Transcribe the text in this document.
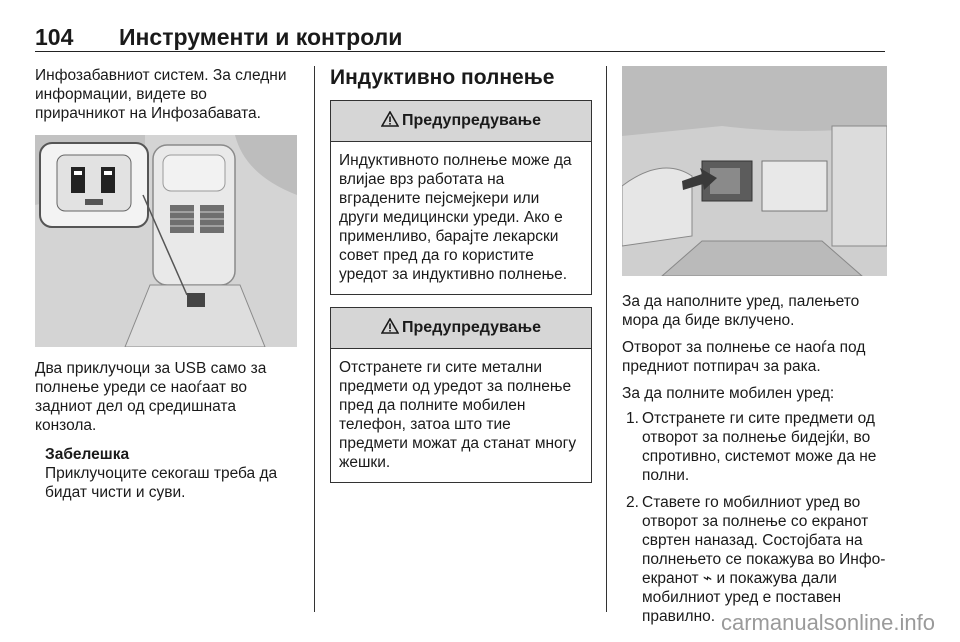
104 Инструменти и контроли

Инфозабавниот систем. За следни информации, видете во прирачникот на Инфозабавата.

Два приклучоци за USB само за полнење уреди се наоѓаат во задниот дел од средишната конзола.

Забелешка

Приклучоците секогаш треба да бидат чисти и суви.

Индуктивно полнење
Предупредување
Индуктивното полнење може да влијае врз работата на вградените пејсмејкери или други медицински уреди. Ако е применливо, барајте лекарски совет пред да го користите уредот за индуктивно полнење.
Предупредување
Отстранете ги сите метални предмети од уредот за полнење пред да полните мобилен телефон, затоа што тие предмети можат да станат многу жешки.

За да наполните уред, палењето мора да биде вклучено.

Отворот за полнење се наоѓа под предниот потпирач за рака.

За да полните мобилен уред:

1. Отстранете ги сите предмети од отворот за полнење бидејќи, во спротивно, системот може да не полни.
2. Ставете го мобилниот уред во отворот за полнење со екранот свртен наназад. Состојбата на полнењето се покажува во Инфо-екранот ⌁ и покажува дали мобилниот уред е поставен правилно. carmanualsonline.info
